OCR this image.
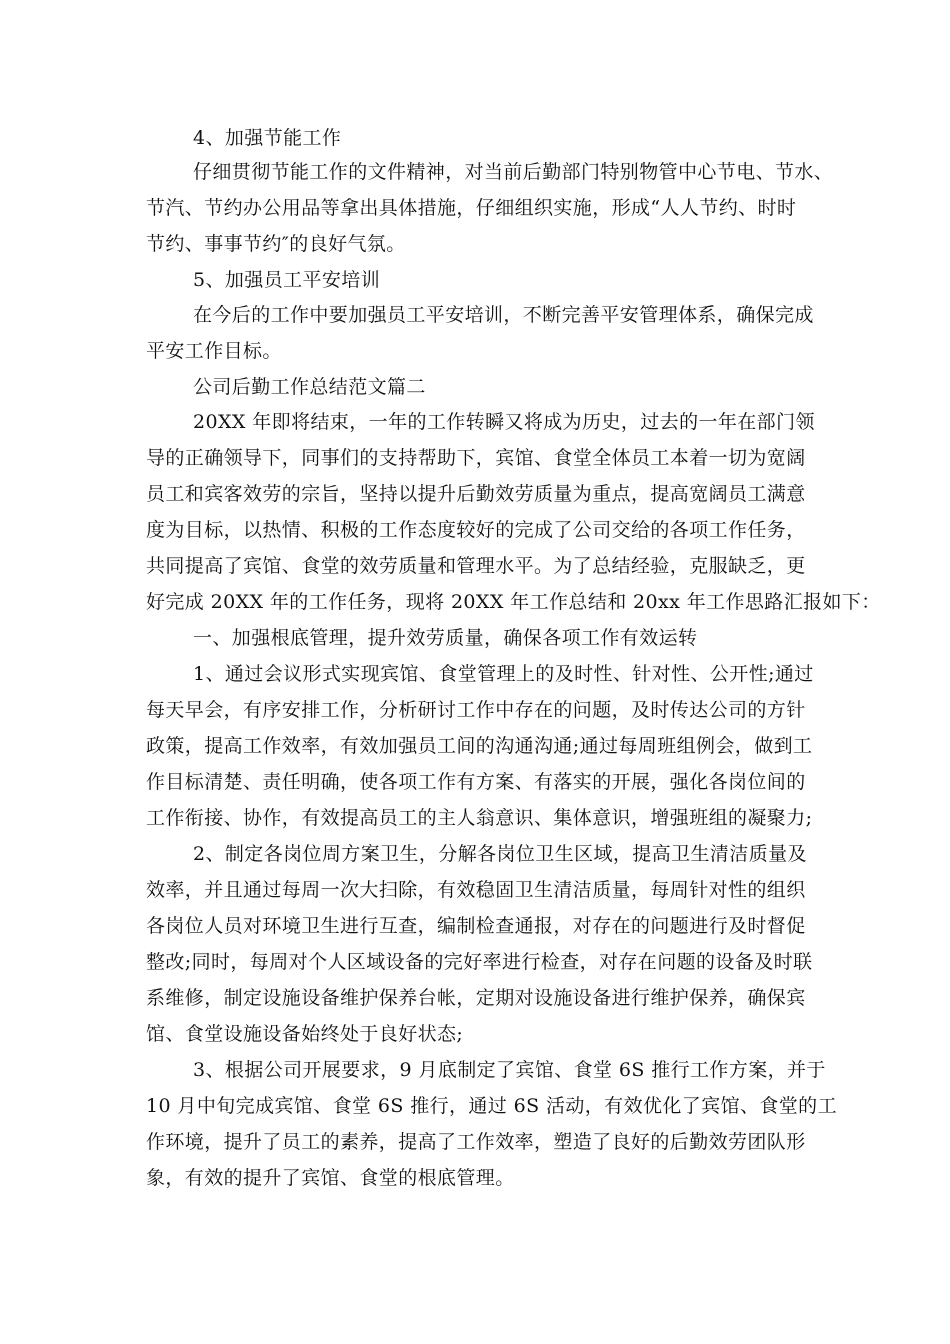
4、加强节能工作
仔细贯彻节能工作的文件精神，对当前后勤部门特别物管中心节电、节水、
节汽、节约办公用品等拿出具体措施，仔细组织实施，形成“人人节约、时时
节约、事事节约″的良好气氛。
5、加强员工平安培训
在今后的工作中要加强员工平安培训，不断完善平安管理体系，确保完成
平安工作目标。
公司后勤工作总结范文篇二
20XX 年即将结束，一年的工作转瞬又将成为历史，过去的一年在部门领
导的正确领导下，同事们的支持帮助下，宾馆、食堂全体员工本着一切为宽阔
员工和宾客效劳的宗旨，坚持以提升后勤效劳质量为重点，提高宽阔员工满意
度为目标，以热情、积极的工作态度较好的完成了公司交给的各项工作任务，
共同提高了宾馆、食堂的效劳质量和管理水平。为了总结经验，克服缺乏，更
好完成 20XX 年的工作任务，现将 20XX 年工作总结和 20xx 年工作思路汇报如下：
一、加强根底管理，提升效劳质量，确保各项工作有效运转
1、通过会议形式实现宾馆、食堂管理上的及时性、针对性、公开性;通过
每天早会，有序安排工作，分析研讨工作中存在的问题，及时传达公司的方针
政策，提高工作效率，有效加强员工间的沟通沟通;通过每周班组例会，做到工
作目标清楚、责任明确，使各项工作有方案、有落实的开展，强化各岗位间的
工作衔接、协作，有效提高员工的主人翁意识、集体意识，增强班组的凝聚力;
2、制定各岗位周方案卫生，分解各岗位卫生区域，提高卫生清洁质量及
效率，并且通过每周一次大扫除，有效稳固卫生清洁质量，每周针对性的组织
各岗位人员对环境卫生进行互查，编制检查通报，对存在的问题进行及时督促
整改;同时，每周对个人区域设备的完好率进行检查，对存在问题的设备及时联
系维修，制定设施设备维护保养台帐，定期对设施设备进行维护保养，确保宾
馆、食堂设施设备始终处于良好状态;
3、根据公司开展要求，9 月底制定了宾馆、食堂 6S 推行工作方案，并于
10 月中旬完成宾馆、食堂 6S 推行，通过 6S 活动，有效优化了宾馆、食堂的工
作环境，提升了员工的素养，提高了工作效率，塑造了良好的后勤效劳团队形
象，有效的提升了宾馆、食堂的根底管理。
